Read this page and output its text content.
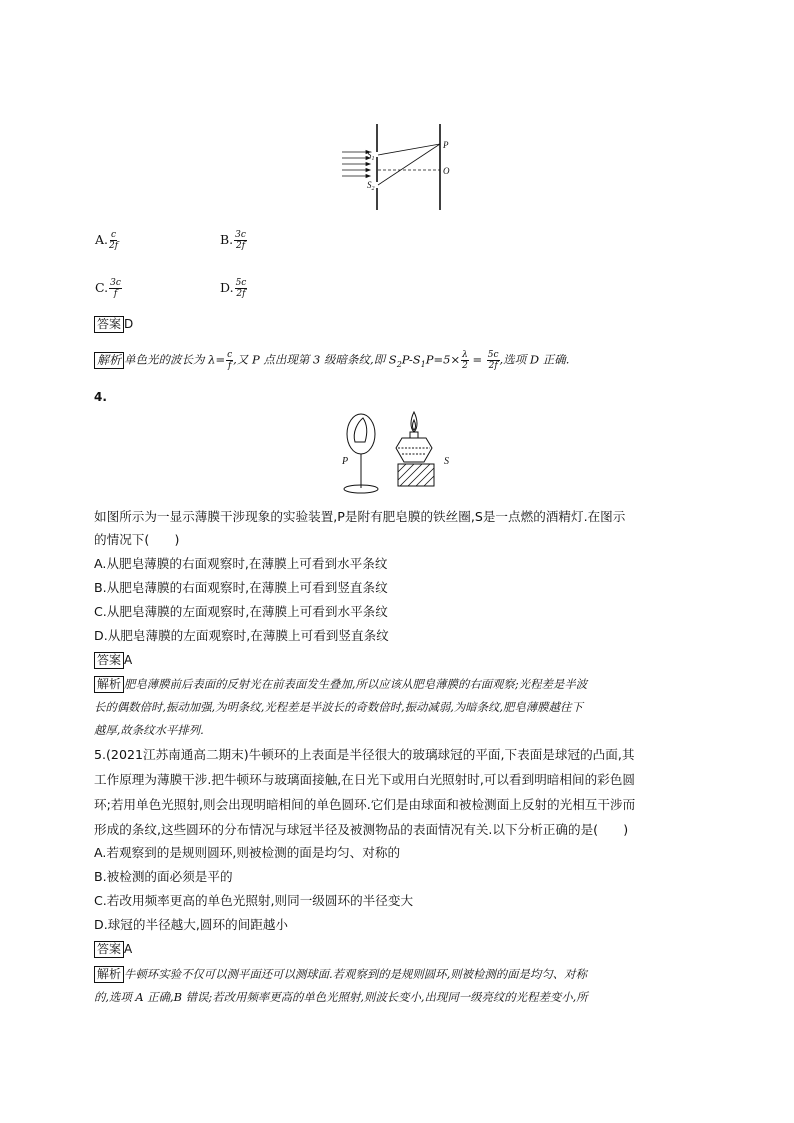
$S_1$
$S_2$
P
O
A. $\frac{c}{2f}$	B. $\frac{3c}{2f}$
C. $\frac{3c}{f}$	D. $\frac{5c}{2f}$
答案 D
解析 单色光的波长为 $\lambda= \frac{c}{f}$ ,又 P 点出现第 3 级暗条纹,即 $S_2P-S_1P=5\times \frac{\lambda}{2} = \frac{5c}{2f}$ ,选项 D 正确.
4.
P	S
如图所示为一显示薄膜干涉现象的实验装置,P是附有肥皂膜的铁丝圈,S是一点燃的酒精灯.在图示
的情况下(　　)
A.从肥皂薄膜的右面观察时,在薄膜上可看到水平条纹
B.从肥皂薄膜的右面观察时,在薄膜上可看到竖直条纹
C.从肥皂薄膜的左面观察时,在薄膜上可看到水平条纹
D.从肥皂薄膜的左面观察时,在薄膜上可看到竖直条纹
答案 A
解析 肥皂薄膜前后表面的反射光在前表面发生叠加,所以应该从肥皂薄膜的右面观察;光程差是半波
长的偶数倍时,振动加强,为明条纹,光程差是半波长的奇数倍时,振动减弱,为暗条纹,肥皂薄膜越往下
越厚,故条纹水平排列.
5.(2021江苏南通高二期末)牛顿环的上表面是半径很大的玻璃球冠的平面,下表面是球冠的凸面,其
工作原理为薄膜干涉.把牛顿环与玻璃面接触,在日光下或用白光照射时,可以看到明暗相间的彩色圆
环;若用单色光照射,则会出现明暗相间的单色圆环.它们是由球面和被检测面上反射的光相互干涉而
形成的条纹,这些圆环的分布情况与球冠半径及被测物品的表面情况有关.以下分析正确的是(　　)
A.若观察到的是规则圆环,则被检测的面是均匀、对称的
B.被检测的面必须是平的
C.若改用频率更高的单色光照射,则同一级圆环的半径变大
D.球冠的半径越大,圆环的间距越小
答案 A
解析 牛顿环实验不仅可以测平面还可以测球面.若观察到的是规则圆环,则被检测的面是均匀、对称
的,选项 A 正确,B 错误;若改用频率更高的单色光照射,则波长变小,出现同一级亮纹的光程差变小,所
